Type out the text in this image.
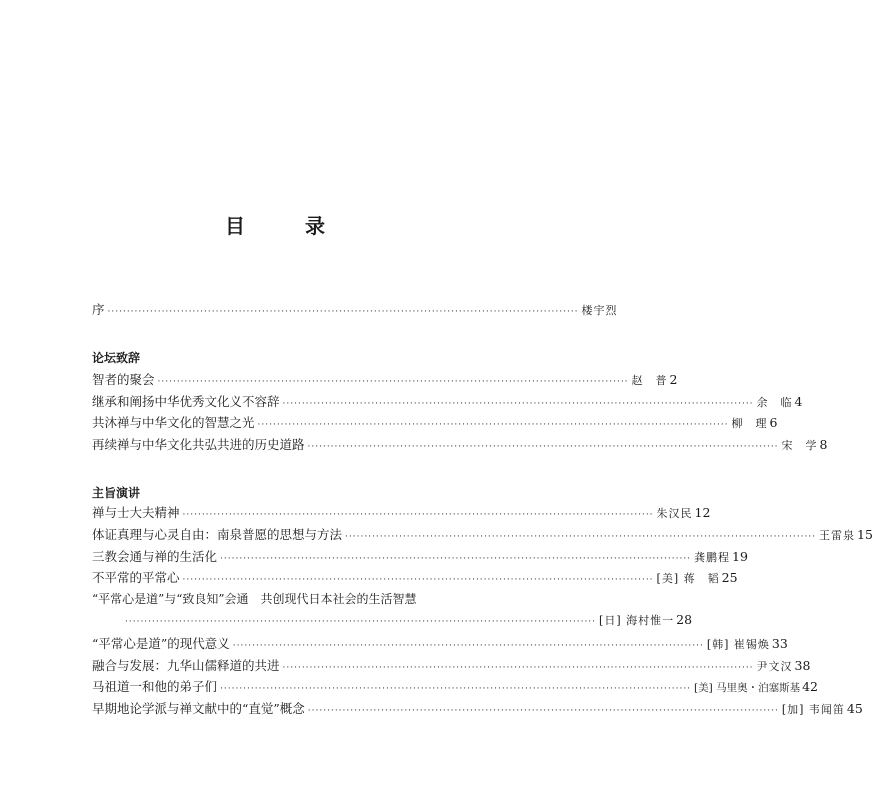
目　录
序 ·························································································································· 楼宇烈
论坛致辞
智者的聚会 ·························································································································· 赵　普 2
继承和阐扬中华优秀文化义不容辞 ·························································································································· 余　临 4
共沐禅与中华文化的智慧之光 ·························································································································· 柳　理 6
再续禅与中华文化共弘共进的历史道路 ·························································································································· 宋　学 8
主旨演讲
禅与士大夫精神 ·························································································································· 朱汉民 12
体证真理与心灵自由：南泉普愿的思想与方法 ·························································································································· 王雷泉 15
三教会通与禅的生活化 ·························································································································· 龚鹏程 19
不平常的平常心 ·························································································································· [美] 蒋　韬 25
“平常心是道”与“致良知”会通　共创现代日本社会的生活智慧
·························································································································· [日] 海村惟一 28
“平常心是道”的现代意义 ·························································································································· [韩] 崔锡焕 33
融合与发展：九华山儒释道的共进 ·························································································································· 尹文汉 38
马祖道一和他的弟子们 ·························································································································· [美] 马里奥・泊塞斯基 42
早期地论学派与禅文献中的“直觉”概念 ·························································································································· [加] 韦闻笛 45
